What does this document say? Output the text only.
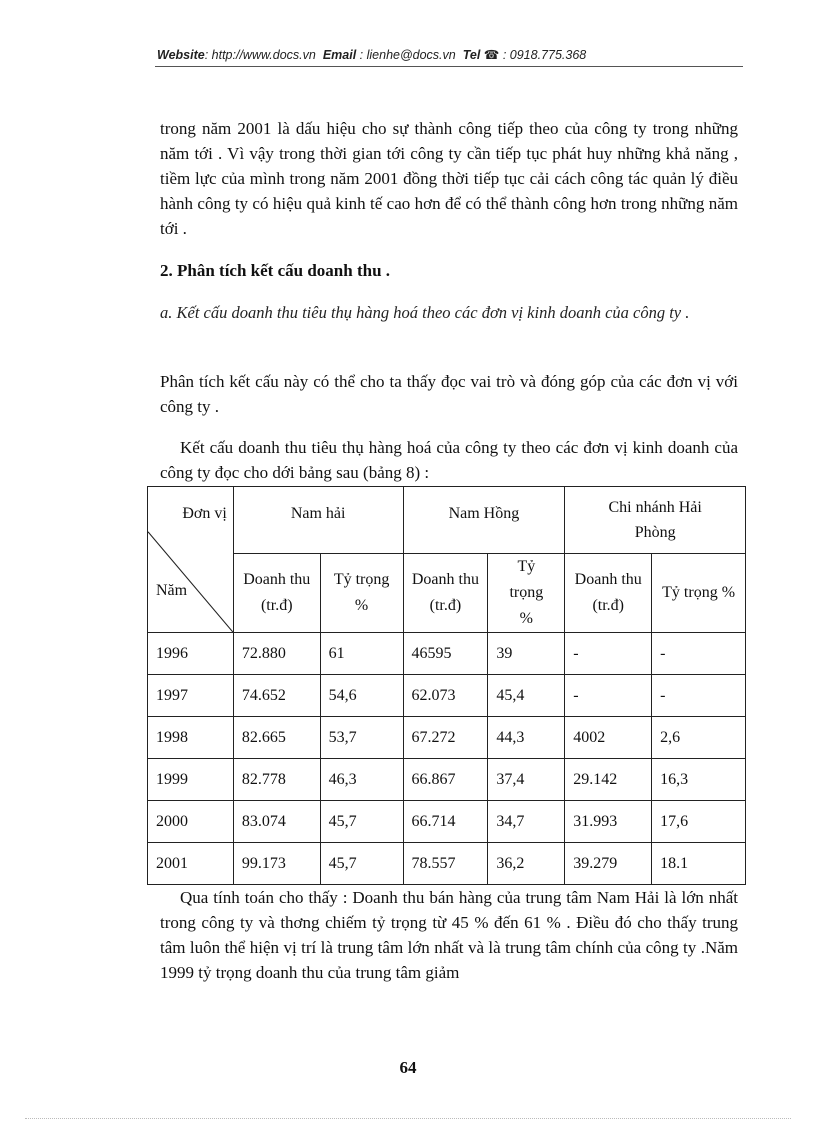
Website: http://www.docs.vn Email : lienhe@docs.vn Tel ☎ : 0918.775.368
trong năm 2001 là dấu hiệu cho sự thành công tiếp theo của công ty trong những năm tới . Vì vậy trong thời gian tới công ty cần tiếp tục phát huy những khả năng , tiềm lực của mình trong năm 2001 đồng thời tiếp tục cải cách công tác quản lý điều hành công ty có hiệu quả kinh tế cao hơn để có thể thành công hơn trong những năm tới .
2. Phân tích kết cấu doanh thu .
a. Kết cấu doanh thu tiêu thụ hàng hoá theo các đơn vị kinh doanh của công ty .
Phân tích kết cấu này có thể cho ta thấy đọc vai trò và đóng góp của các đơn vị với công ty .
Kết cấu doanh thu tiêu thụ hàng hoá của công ty theo các đơn vị kinh doanh của công ty đọc cho dới bảng sau (bảng 8) :
Đơn vị
Năm	Nam hải		Nam Hồng		Chi nhánh Hải Phòng	
	Doanh thu (tr.đ)	Tỷ trọng %	Doanh thu (tr.đ)	Tỷ trọng %	Doanh thu (tr.đ)	Tỷ trọng %
1996	72.880	61	46595	39	-	-
1997	74.652	54,6	62.073	45,4	-	-
1998	82.665	53,7	67.272	44,3	4002	2,6
1999	82.778	46,3	66.867	37,4	29.142	16,3
2000	83.074	45,7	66.714	34,7	31.993	17,6
2001	99.173	45,7	78.557	36,2	39.279	18.1
Qua tính toán cho thấy : Doanh thu bán hàng của trung tâm Nam Hải là lớn nhất trong công ty và thơng chiếm tỷ trọng từ 45 % đến 61 % . Điều đó cho thấy trung tâm luôn thể hiện vị trí là trung tâm lớn nhất và là trung tâm chính của công ty .Năm 1999 tỷ trọng doanh thu của trung tâm giảm
64
